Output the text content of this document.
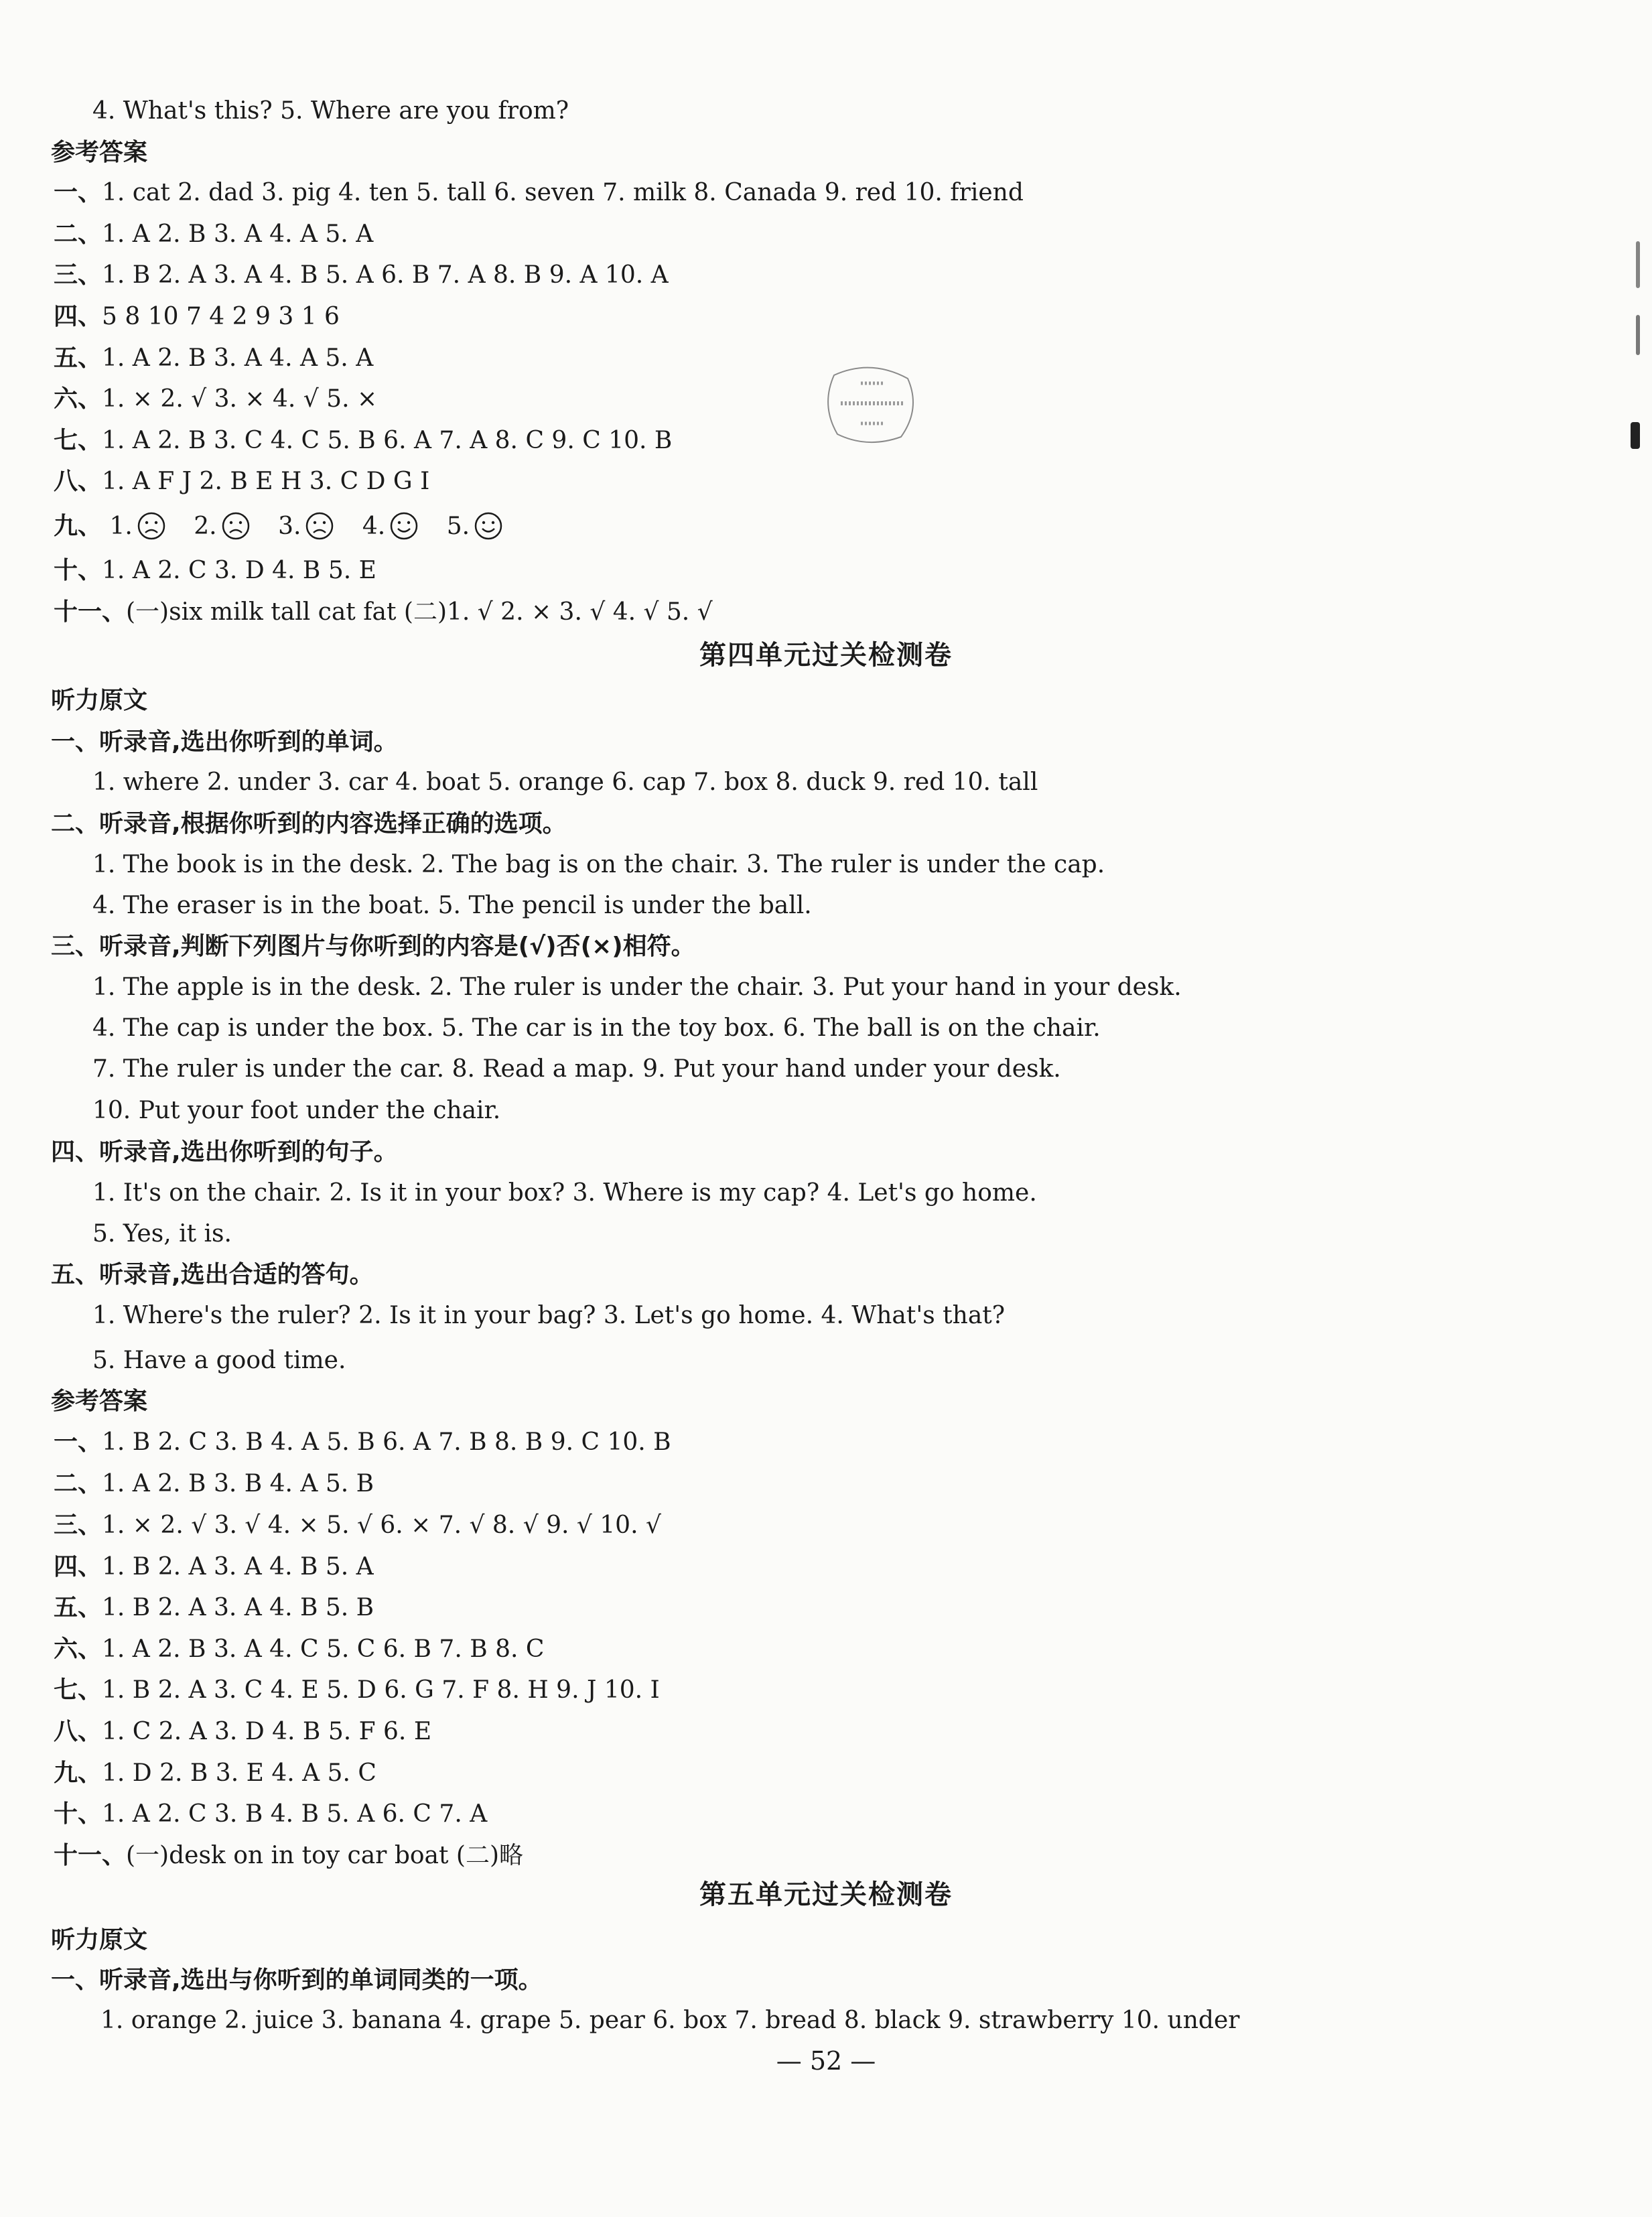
4. What's this? 5. Where are you from?
参考答案
一、1. cat 2. dad 3. pig 4. ten 5. tall 6. seven 7. milk 8. Canada 9. red 10. friend
二、1. A 2. B 3. A 4. A 5. A
三、1. B 2. A 3. A 4. B 5. A 6. B 7. A 8. B 9. A 10. A
四、5 8 10 7 4 2 9 3 1 6
五、1. A 2. B 3. A 4. A 5. A
六、1. × 2. √ 3. × 4. √ 5. ×
七、1. A 2. B 3. C 4. C 5. B 6. A 7. A 8. C 9. C 10. B
八、1. A F J 2. B E H 3. C D G I
九、 1.	2.	3.	4.	5.
十、1. A 2. C 3. D 4. B 5. E
十一、(一)six milk tall cat fat (二)1. √ 2. × 3. √ 4. √ 5. √
第四单元过关检测卷
听力原文
一、听录音,选出你听到的单词。
1. where 2. under 3. car 4. boat 5. orange 6. cap 7. box 8. duck 9. red 10. tall
二、听录音,根据你听到的内容选择正确的选项。
1. The book is in the desk. 2. The bag is on the chair. 3. The ruler is under the cap.
4. The eraser is in the boat. 5. The pencil is under the ball.
三、听录音,判断下列图片与你听到的内容是(√)否(×)相符。
1. The apple is in the desk. 2. The ruler is under the chair. 3. Put your hand in your desk.
4. The cap is under the box. 5. The car is in the toy box. 6. The ball is on the chair.
7. The ruler is under the car. 8. Read a map. 9. Put your hand under your desk.
10. Put your foot under the chair.
四、听录音,选出你听到的句子。
1. It's on the chair. 2. Is it in your box? 3. Where is my cap? 4. Let's go home.
5. Yes, it is.
五、听录音,选出合适的答句。
1. Where's the ruler? 2. Is it in your bag? 3. Let's go home. 4. What's that?
5. Have a good time.
参考答案
一、1. B 2. C 3. B 4. A 5. B 6. A 7. B 8. B 9. C 10. B
二、1. A 2. B 3. B 4. A 5. B
三、1. × 2. √ 3. √ 4. × 5. √ 6. × 7. √ 8. √ 9. √ 10. √
四、1. B 2. A 3. A 4. B 5. A
五、1. B 2. A 3. A 4. B 5. B
六、1. A 2. B 3. A 4. C 5. C 6. B 7. B 8. C
七、1. B 2. A 3. C 4. E 5. D 6. G 7. F 8. H 9. J 10. I
八、1. C 2. A 3. D 4. B 5. F 6. E
九、1. D 2. B 3. E 4. A 5. C
十、1. A 2. C 3. B 4. B 5. A 6. C 7. A
十一、(一)desk on in toy car boat (二)略
第五单元过关检测卷
听力原文
一、听录音,选出与你听到的单词同类的一项。
1. orange 2. juice 3. banana 4. grape 5. pear 6. box 7. bread 8. black 9. strawberry 10. under
— 52 —
